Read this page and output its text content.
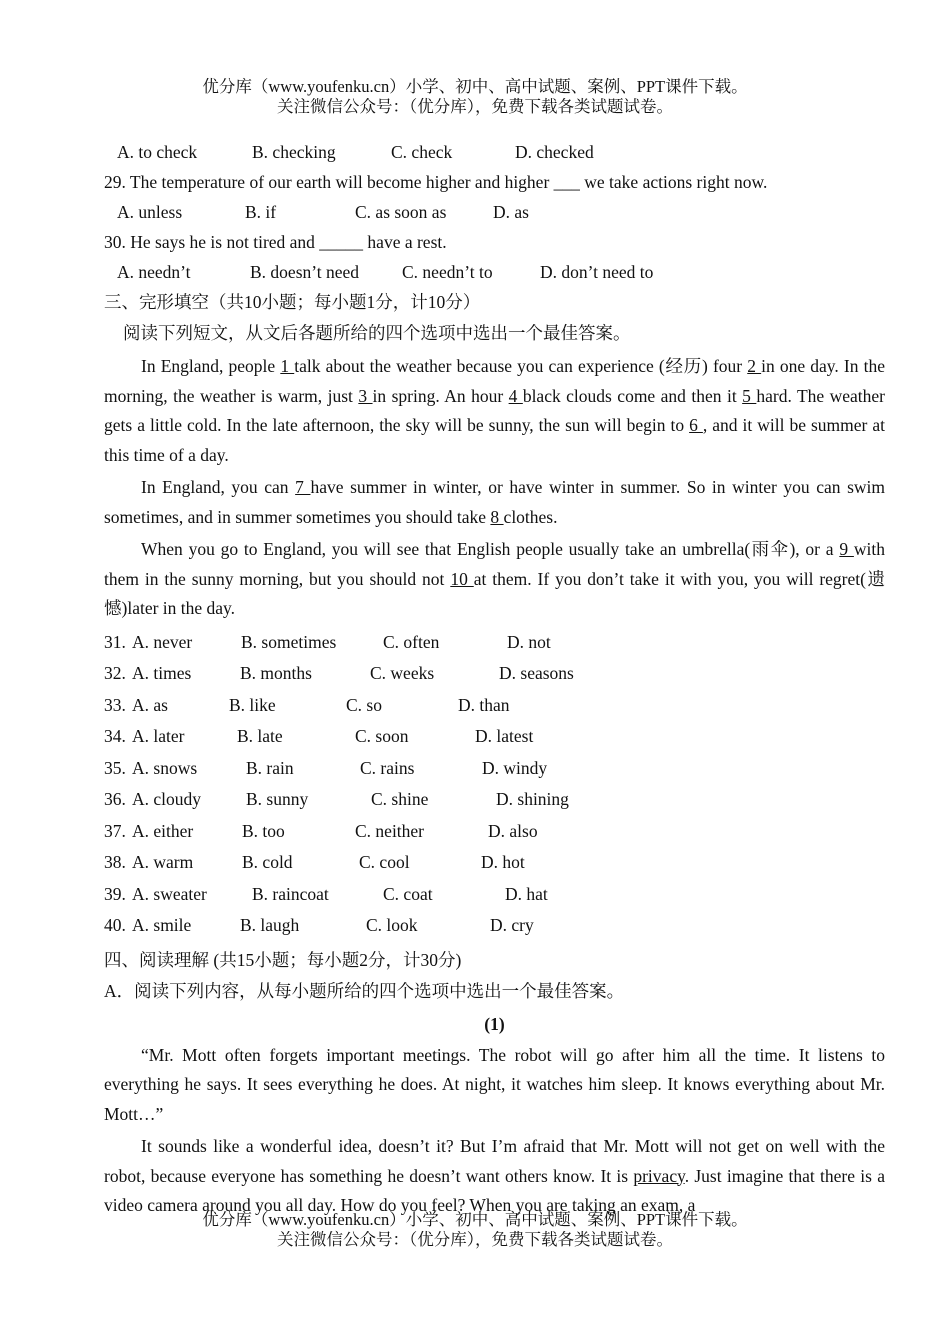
优分库（www.youfenku.cn）小学、初中、高中试题、案例、PPT课件下载。
关注微信公众号：（优分库），免费下载各类试题试卷。
A. to check	B. checking	C. check	D. checked
29. The temperature of our earth will become higher and higher ___ we take actions right now.
A. unless	B. if	C. as soon as	D. as
30. He says he is not tired and _____ have a rest.
A. needn’t	B. doesn’t need C. needn’t to	D. don’t need to
三、完形填空（共10小题；每小题1分，计10分）
阅读下列短文，从文后各题所给的四个选项中选出一个最佳答案。
In England, people 1 talk about the weather because you can experience (经历) four 2 in one day. In the morning, the weather is warm, just 3 in spring. An hour 4 black clouds come and then it 5 hard. The weather gets a little cold. In the late afternoon, the sky will be sunny, the sun will begin to 6 , and it will be summer at this time of a day.
In England, you can 7 have summer in winter, or have winter in summer. So in winter you can swim sometimes, and in summer sometimes you should take 8 clothes.
When you go to England, you will see that English people usually take an umbrella(雨伞), or a 9 with them in the sunny morning, but you should not 10 at them. If you don’t take it with you, you will regret(遗憾)later in the day.
31. A. never	B. sometimes	C. often	D. not
32. A. times	B. months	C. weeks	D. seasons
33. A. as	B. like	C. so	D. than
34. A. later	B. late	C. soon	D. latest
35. A. snows	B. rain	C. rains	D. windy
36. A. cloudy	B. sunny	C. shine	D. shining
37. A. either	B. too	C. neither	D. also
38. A. warm	B. cold	C. cool	D. hot
39. A. sweater	B. raincoat	C. coat	D. hat
40. A. smile	B. laugh	C. look	D. cry
四、阅读理解 (共15小题；每小题2分，计30分)
A．阅读下列内容，从每小题所给的四个选项中选出一个最佳答案。
(1)
“Mr. Mott often forgets important meetings. The robot will go after him all the time. It listens to everything he says. It sees everything he does. At night, it watches him sleep. It knows everything about Mr. Mott…”
It sounds like a wonderful idea, doesn’t it? But I’m afraid that Mr. Mott will not get on well with the robot, because everyone has something he doesn’t want others know. It is privacy. Just imagine that there is a video camera around you all day. How do you feel? When you are taking an exam, a
优分库（www.youfenku.cn）小学、初中、高中试题、案例、PPT课件下载。
关注微信公众号：（优分库），免费下载各类试题试卷。
